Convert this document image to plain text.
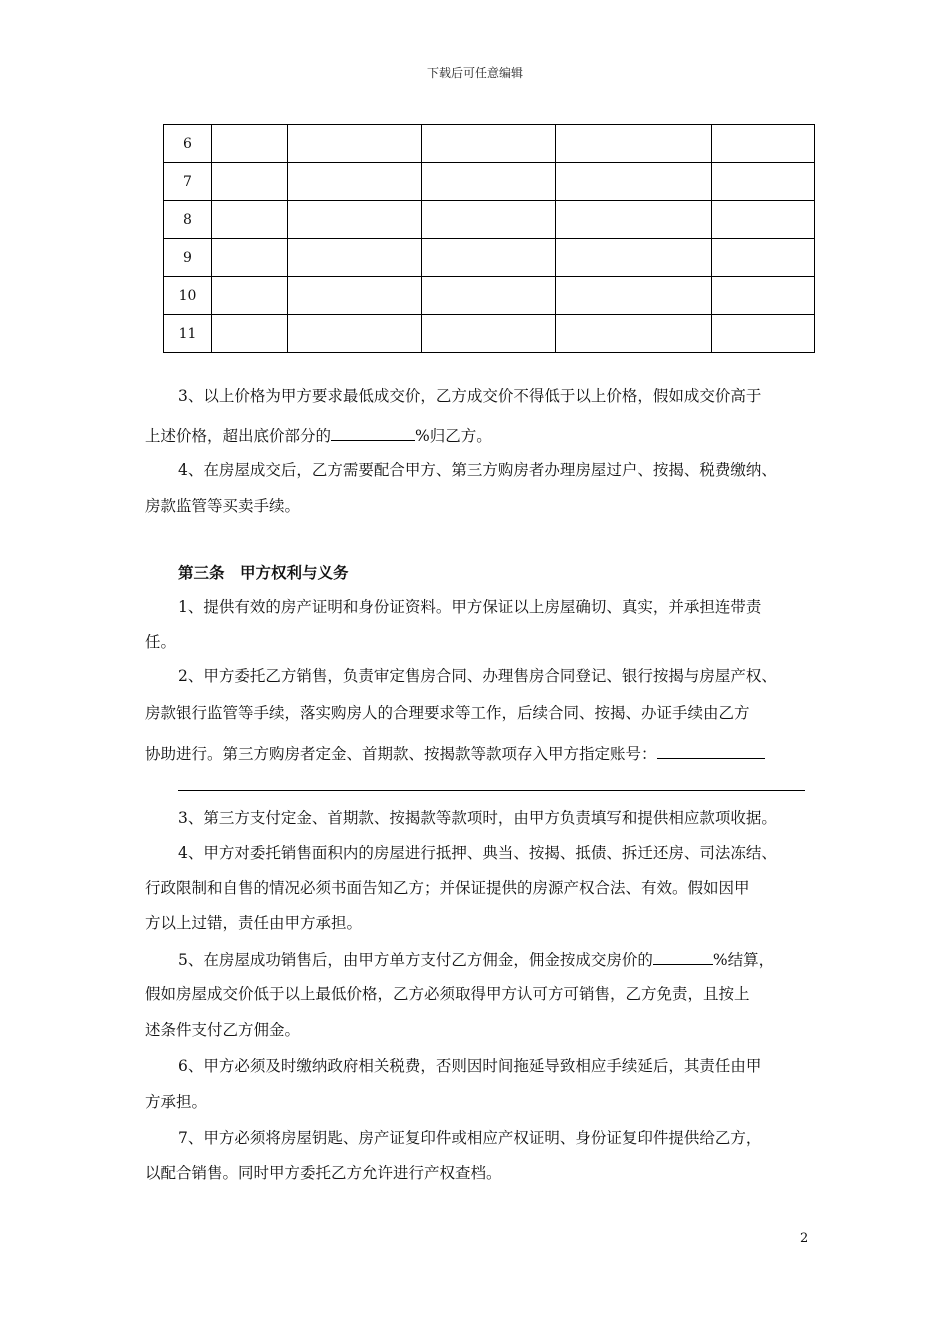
下载后可任意编辑
6					
7					
8					
9					
10					
11					
3、以上价格为甲方要求最低成交价，乙方成交价不得低于以上价格，假如成交价高于
上述价格，超出底价部分的	%归乙方。
4、在房屋成交后，乙方需要配合甲方、第三方购房者办理房屋过户、按揭、税费缴纳、
房款监管等买卖手续。
第三条　甲方权利与义务
1、提供有效的房产证明和身份证资料。甲方保证以上房屋确切、真实，并承担连带责
任。
2、甲方委托乙方销售，负责审定售房合同、办理售房合同登记、银行按揭与房屋产权、
房款银行监管等手续，落实购房人的合理要求等工作，后续合同、按揭、办证手续由乙方
协助进行。第三方购房者定金、首期款、按揭款等款项存入甲方指定账号：
3、第三方支付定金、首期款、按揭款等款项时，由甲方负责填写和提供相应款项收据。
4、甲方对委托销售面积内的房屋进行抵押、典当、按揭、抵债、拆迁还房、司法冻结、
行政限制和自售的情况必须书面告知乙方；并保证提供的房源产权合法、有效。假如因甲
方以上过错，责任由甲方承担。
5、在房屋成功销售后，由甲方单方支付乙方佣金，佣金按成交房价的	%结算，
假如房屋成交价低于以上最低价格，乙方必须取得甲方认可方可销售，乙方免责，且按上
述条件支付乙方佣金。
6、甲方必须及时缴纳政府相关税费，否则因时间拖延导致相应手续延后，其责任由甲
方承担。
7、甲方必须将房屋钥匙、房产证复印件或相应产权证明、身份证复印件提供给乙方，
以配合销售。同时甲方委托乙方允许进行产权查档。
2
